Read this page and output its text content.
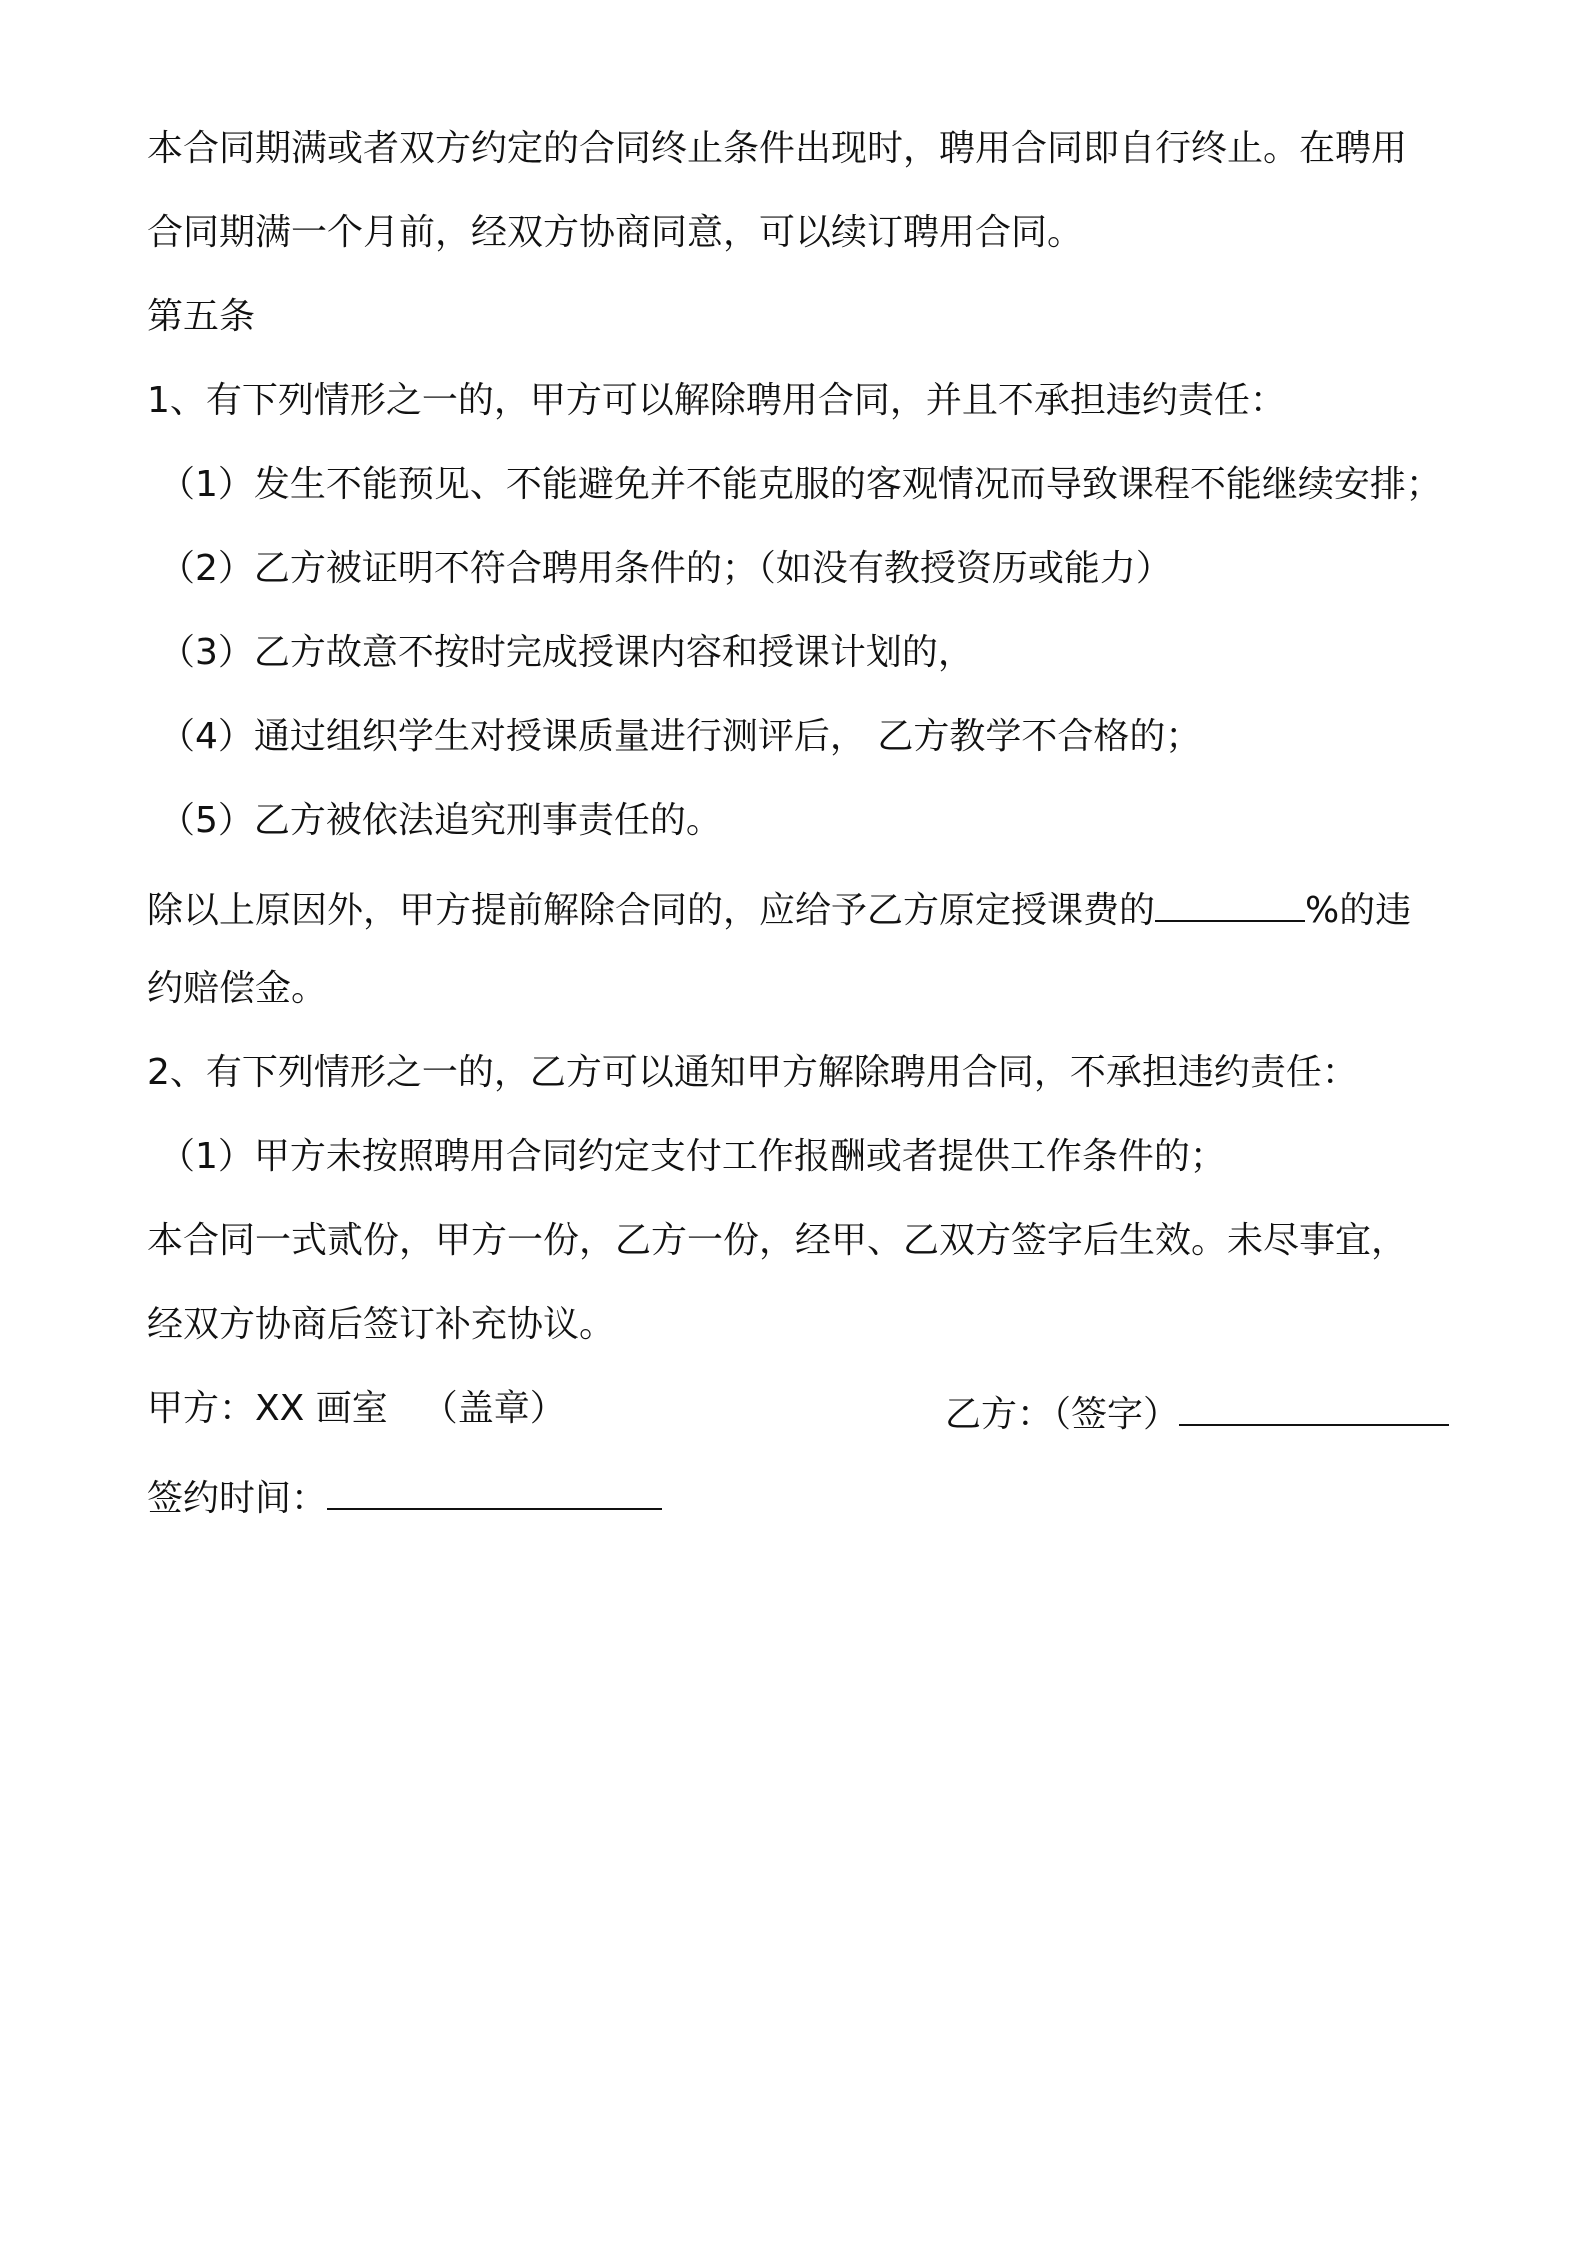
本合同期满或者双方约定的合同终止条件出现时，聘用合同即自行终止。在聘用
合同期满一个月前，经双方协商同意，可以续订聘用合同。
第五条
1、有下列情形之一的，甲方可以解除聘用合同，并且不承担违约责任：
（1）发生不能预见、不能避免并不能克服的客观情况而导致课程不能继续安排；
（2）乙方被证明不符合聘用条件的；（如没有教授资历或能力）
（3）乙方故意不按时完成授课内容和授课计划的，
（4）通过组织学生对授课质量进行测评后， 乙方教学不合格的；
（5）乙方被依法追究刑事责任的。
除以上原因外，甲方提前解除合同的，应给予乙方原定授课费的	%的违
约赔偿金。
2、有下列情形之一的，乙方可以通知甲方解除聘用合同，不承担违约责任：
（1）甲方未按照聘用合同约定支付工作报酬或者提供工作条件的；
本合同一式贰份，甲方一份，乙方一份，经甲、乙双方签字后生效。未尽事宜，
经双方协商后签订补充协议。
甲方：XX 画室 （盖章）	乙方：（签字）
签约时间：
